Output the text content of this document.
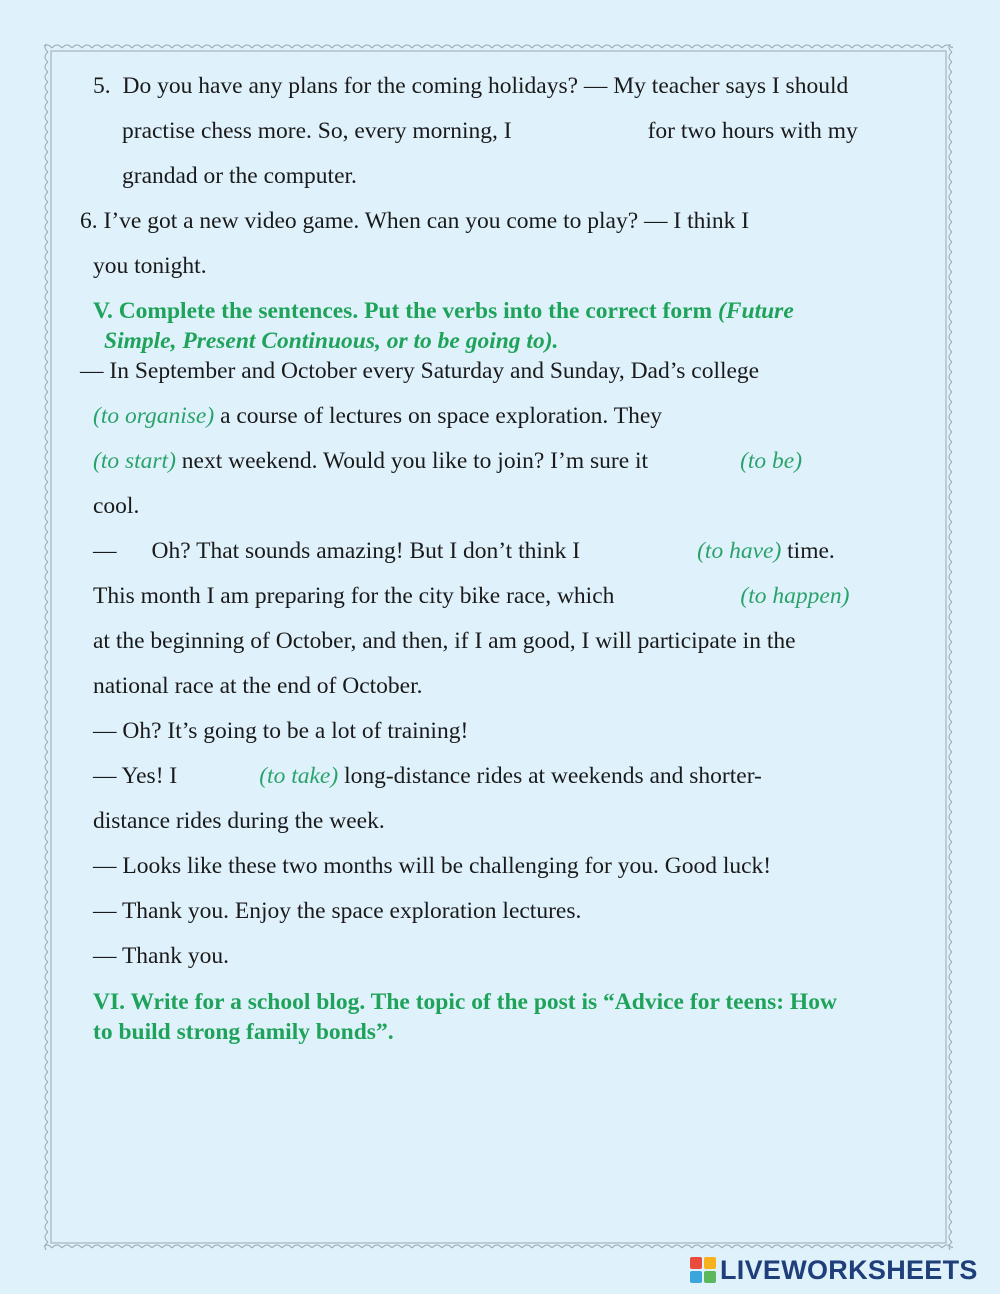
5. Do you have any plans for the coming holidays? — My teacher says I should
practise chess more. So, every morning, I	for two hours with my
grandad or the computer.
6. I’ve got a new video game. When can you come to play? — I think I
you tonight.
V. Complete the sentences. Put the verbs into the correct form (Future
Simple, Present Continuous, or to be going to).
— In September and October every Saturday and Sunday, Dad’s college
(to organise) a course of lectures on space exploration. They
(to start) next weekend. Would you like to join? I’m sure it	(to be)
cool.
— Oh? That sounds amazing! But I don’t think I	(to have) time.
This month I am preparing for the city bike race, which	(to happen)
at the beginning of October, and then, if I am good, I will participate in the
national race at the end of October.
— Oh? It’s going to be a lot of training!
— Yes! I	(to take) long-distance rides at weekends and shorter-
distance rides during the week.
— Looks like these two months will be challenging for you. Good luck!
— Thank you. Enjoy the space exploration lectures.
— Thank you.
VI. Write for a school blog. The topic of the post is “Advice for teens: How
to build strong family bonds”.
LIVEWORKSHEETS
